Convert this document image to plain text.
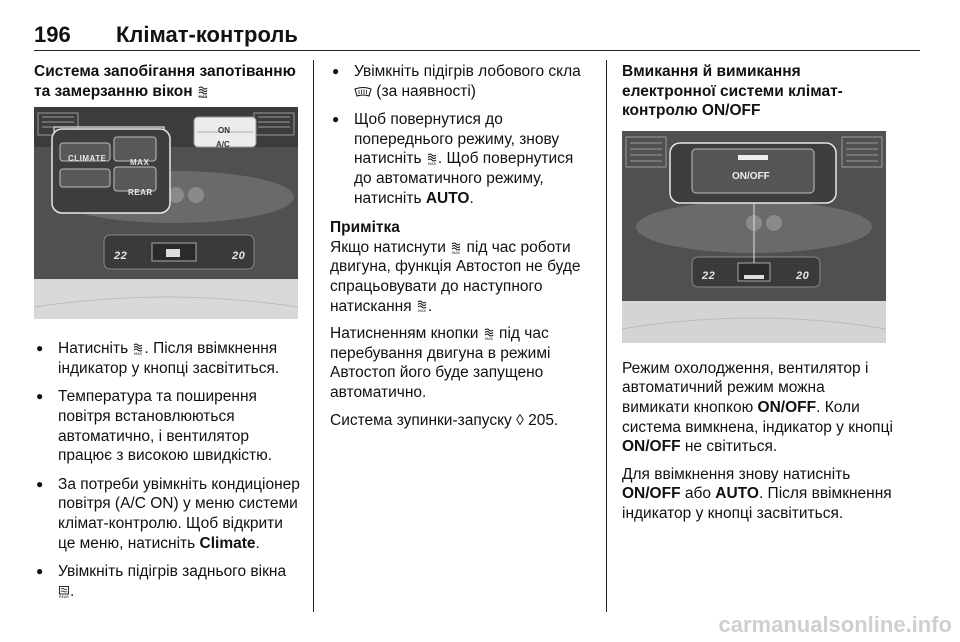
196 Клімат-контроль
Система запобігання запотіванню
та замерзанню вікон
CLIMATE	MAX
REAR
ON
A/C
22	20
● Натисніть . Після ввімкнення індикатор у кнопці засвітиться.
● Температура та поширення повітря встановлюються автоматично, і вентилятор працює з високою швидкістю.
● За потреби увімкніть кондиціонер повітря (A/C ON) у меню системи клімат-контролю. Щоб відкрити це меню, натисніть Climate.
● Увімкніть підігрів заднього вікна .
● Увімкніть підігрів лобового скла  (за наявності)
● Щоб повернутися до попереднього режиму, знову натисніть . Щоб повернутися до автоматичного режиму, натисніть AUTO.
Примітка

Якщо натиснути  під час роботи двигуна, функція Автостоп не буде спрацьовувати до наступного натискання .

Натисненням кнопки  під час перебування двигуна в режимі Автостоп його буде запущено автоматично.

Система зупинки-запуску ◊ 205.

Вмикання й вимикання електронної системи клімат-контролю ON/OFF
ON/OFF
22	20

Режим охолодження, вентилятор і автоматичний режим можна вимикати кнопкою ON/OFF. Коли система вимкнена, індикатор у кнопці ON/OFF не світиться.

Для ввімкнення знову натисніть ON/OFF або AUTO. Після ввімкнення індикатор у кнопці засвітиться.

carmanualsonline.info
